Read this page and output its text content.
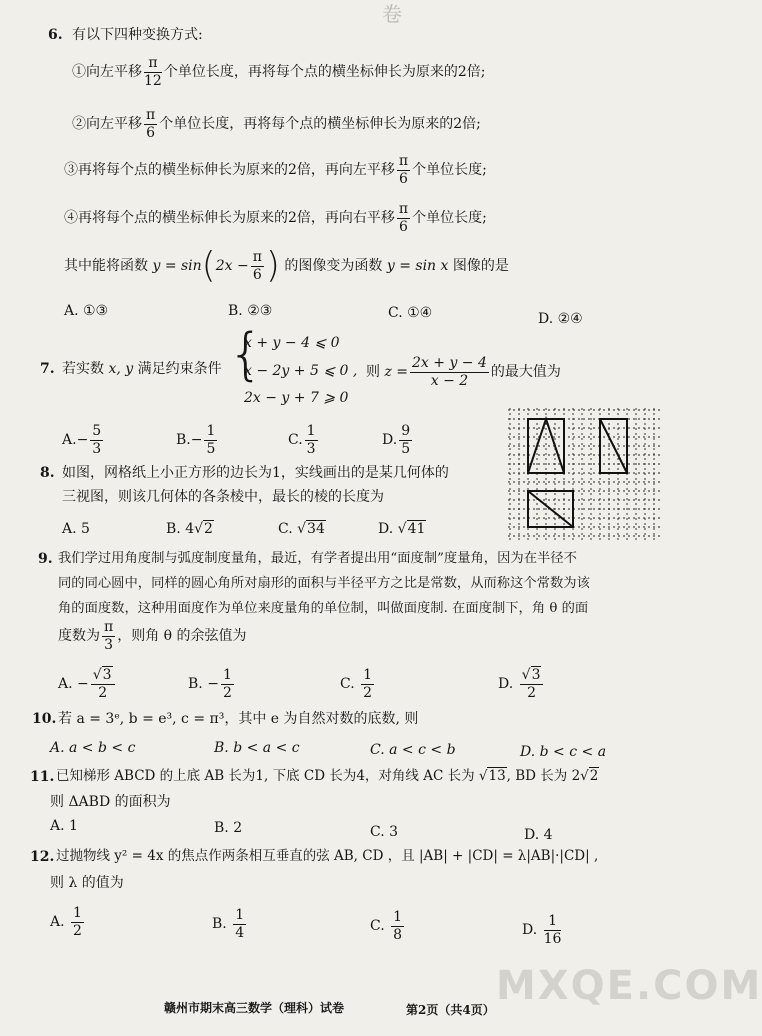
卷
6. 有以下四种变换方式:
①向左平移 $\frac{\pi}{12}$ 个单位长度，再将每个点的横坐标伸长为原来的2倍;
②向左平移 $\frac{\pi}{6}$ 个单位长度，再将每个点的横坐标伸长为原来的2倍;
③再将每个点的横坐标伸长为原来的2倍，再向左平移 $\frac{\pi}{6}$ 个单位长度;
④再将每个点的横坐标伸长为原来的2倍，再向右平移 $\frac{\pi}{6}$ 个单位长度;
其中能将函数 $y = \sin(2x - \frac{\pi}{6}$ ) 的图像变为函数 y = sin x 图像的是
A. ①③	B. ②③	C. ①④	D. ②④
7. 若实数 x, y 满足约束条件 {
x + y − 4 ⩽ 0
x − 2y + 5 ⩽ 0 ,
2x − y + 7 ⩾ 0
则 $z = \frac{2x + y - 4}{x - 2}$ 的最大值为
$A.- \frac{5}{3}$	$B.- \frac{1}{5}$	C. $\frac{1}{3}$	D. $\frac{9}{5}$
8. 如图，网格纸上小正方形的边长为1，实线画出的是某几何体的
三视图，则该几何体的各条棱中，最长的棱的长度为
A. 5	B. 4√2	C. √34	D. √41
9. 我们学过用角度制与弧度制度量角，最近，有学者提出用“面度制”度量角，因为在半径不
同的同心圆中，同样的圆心角所对扇形的面积与半径平方之比是常数，从而称这个常数为该
角的面度数，这种用面度作为单位来度量角的单位制，叫做面度制. 在面度制下，角 θ 的面
度数为 $\frac{\pi}{3}$ ，则角 θ 的余弦值为
A. − $\frac{√3}{2}$	B. − $\frac{1}{2}$	C. $\frac{1}{2}$	D. $\frac{√3}{2}$
10. 若 a = 3ᵉ, b = e³, c = π³，其中 e 为自然对数的底数, 则
A. a < b < c	B. b < a < c	C. a < c < b	D. b < c < a
11. 已知梯形 ABCD 的上底 AB 长为1, 下底 CD 长为4，对角线 AC 长为 √13, BD 长为 2√2
则 ΔABD 的面积为
A. 1	B. 2	C. 3	D. 4
12. 过抛物线 y² = 4x 的焦点作两条相互垂直的弦 AB, CD ，且 |AB| + |CD| = λ|AB|·|CD| ,
则 λ 的值为
A. $\frac{1}{2}$	B. $\frac{1}{4}$	C. $\frac{1}{8}$	D. $\frac{1}{16}$
MXQE.COM
赣州市期末高三数学（理科）试卷	第2页（共4页）
